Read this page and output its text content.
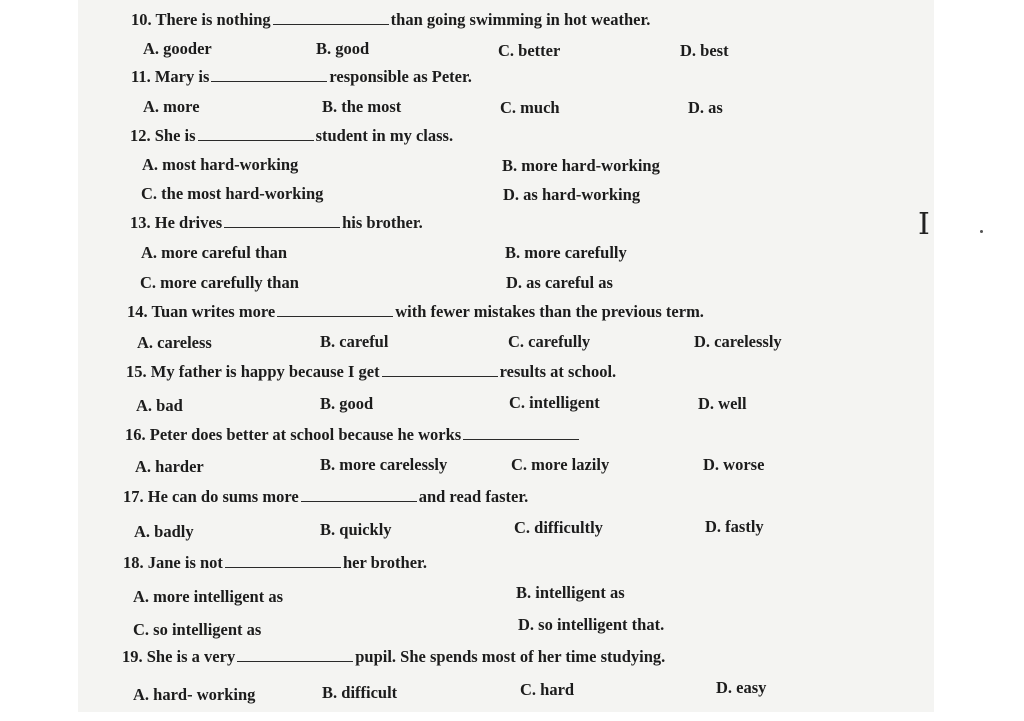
I
10. There is nothing	than going swimming in hot weather.
A. gooder	B. good	C. better	D. best
11. Mary is	responsible as Peter.
A. more	B. the most	C. much	D. as
12. She is	student in my class.
A. most hard-working	B. more hard-working
C. the most hard-working	D. as hard-working
13. He drives	his brother.
A. more careful than	B. more carefully
C. more carefully than	D. as careful as
14. Tuan writes more	with fewer mistakes than the previous term.
A. careless	B. careful	C. carefully	D. carelessly
15. My father is happy because I get	results at school.
A. bad	B. good	C. intelligent	D. well
16. Peter does better at school because he works
A. harder	B. more carelessly	C. more lazily	D. worse
17. He can do sums more	and read faster.
A. badly	B. quickly	C. difficultly	D. fastly
18. Jane is not	her brother.
A. more intelligent as	B. intelligent as
C. so intelligent as	D. so intelligent that.
19. She is a very	pupil. She spends most of her time studying.
A. hard- working	B. difficult	C. hard	D. easy
